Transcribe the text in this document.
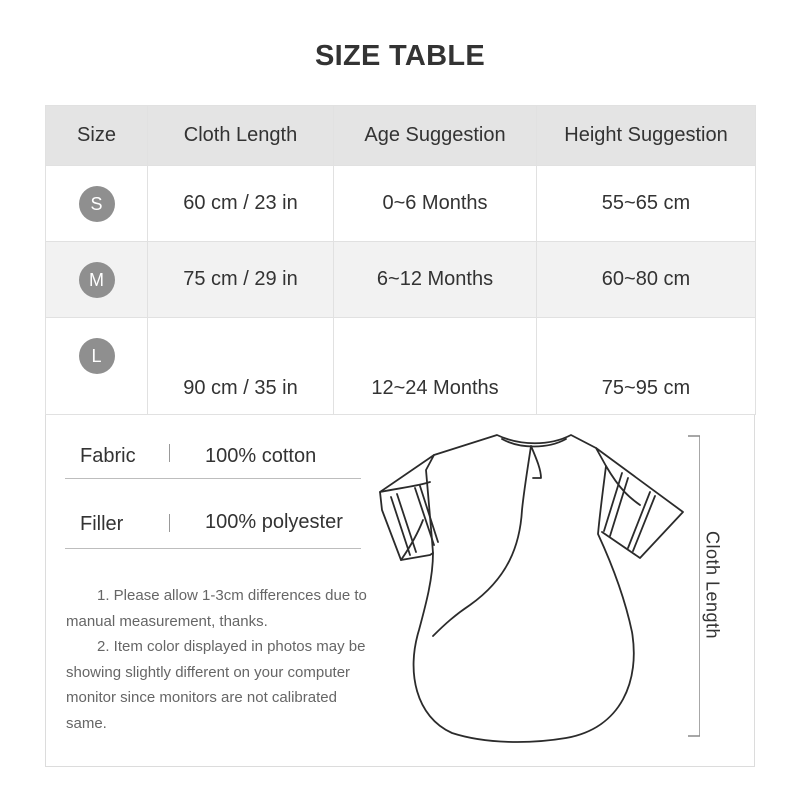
SIZE TABLE
Size	Cloth Length	Age Suggestion	Height Suggestion
S	60 cm / 23 in	0~6 Months	55~65 cm
M	75 cm / 29 in	6~12 Months	60~80 cm
L	90 cm / 35 in	12~24 Months	75~95 cm
Fabric	100% cotton
Filler	100% polyester

1. Please allow 1-3cm differences due to manual measurement, thanks.

2. Item color displayed in photos may be showing slightly different on your computer monitor since monitors are not calibrated same.

Cloth Length
